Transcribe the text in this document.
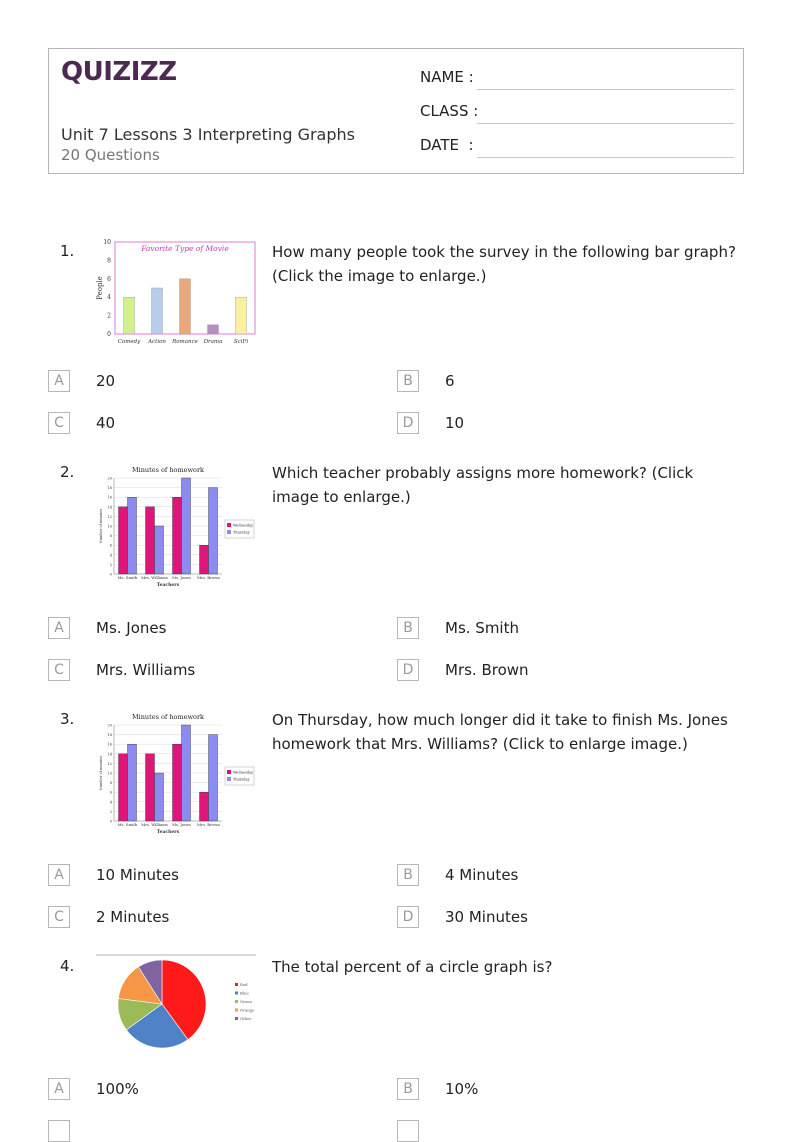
QUIZIZZ
Unit 7 Lessons 3 Interpreting Graphs
20 Questions
NAME :
CLASS :
DATE  :
1.
0
2
4
6
8
10
Favorite Type of Movie
People
Comedy Action Romance Drama SciFi
How many people took the survey in the following bar graph? (Click the image to enlarge.)
A	20	B	6
C	40	D	10
2.	Minutes of homework
0
2
4
6
8
10
12
14
16
18
20
Number of minutes
Teachers
Ms. Smith Mrs. Williams Ms. Jones Mrs. Brown
Wednesday
Thursday
Which teacher probably assigns more homework? (Click image to enlarge.)
A	Ms. Jones	B	Ms. Smith
C	Mrs. Williams	D	Mrs. Brown
3.	Minutes of homework
0
2
4
6
8
10
12
14
16
18
20
Number of minutes
Teachers
Ms. Smith Mrs. Williams Ms. Jones Mrs. Brown
Wednesday
Thursday
On Thursday, how much longer did it take to finish Ms. Jones homework that Mrs. Williams? (Click to enlarge image.)
A	10 Minutes	B	4 Minutes
C	2 Minutes	D	30 Minutes
4.
Red
Blue
Green
Orange
Other
The total percent of a circle graph is?
A	100%	B	10%
